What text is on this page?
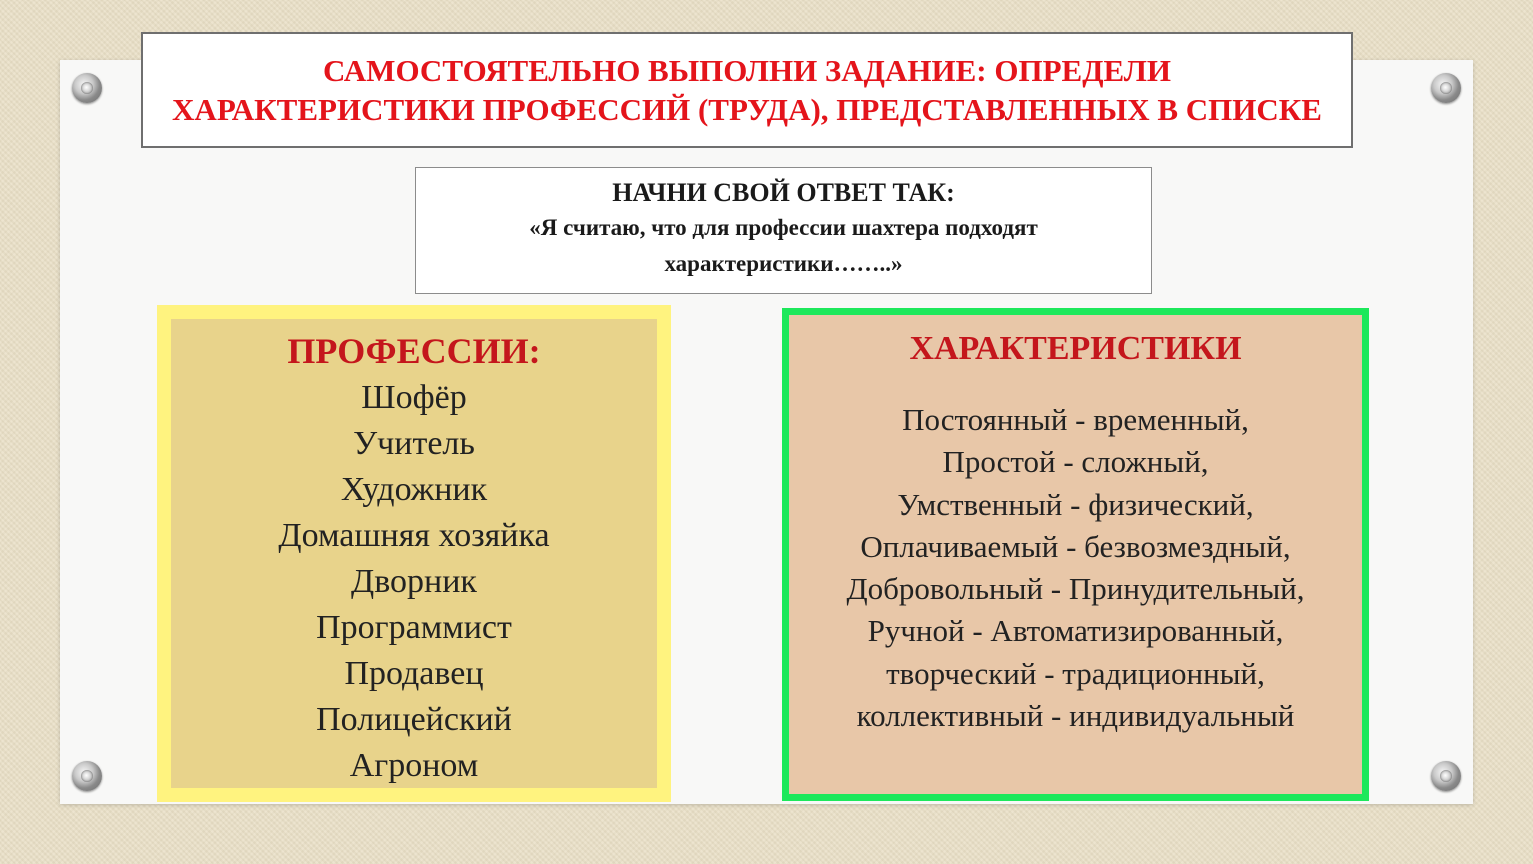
САМОСТОЯТЕЛЬНО ВЫПОЛНИ ЗАДАНИЕ: ОПРЕДЕЛИ
ХАРАКТЕРИСТИКИ ПРОФЕССИЙ (ТРУДА), ПРЕДСТАВЛЕННЫХ В СПИСКЕ
НАЧНИ СВОЙ ОТВЕТ ТАК:
«Я считаю, что для профессии шахтера подходят
характеристики……..»
ПРОФЕССИИ:
Шофёр
Учитель
Художник
Домашняя хозяйка
Дворник
Программист
Продавец
Полицейский
Агроном
ХАРАКТЕРИСТИКИ
Постоянный - временный,
Простой - сложный,
Умственный - физический,
Оплачиваемый - безвозмездный,
Добровольный - Принудительный,
Ручной - Автоматизированный,
творческий - традиционный,
коллективный - индивидуальный
